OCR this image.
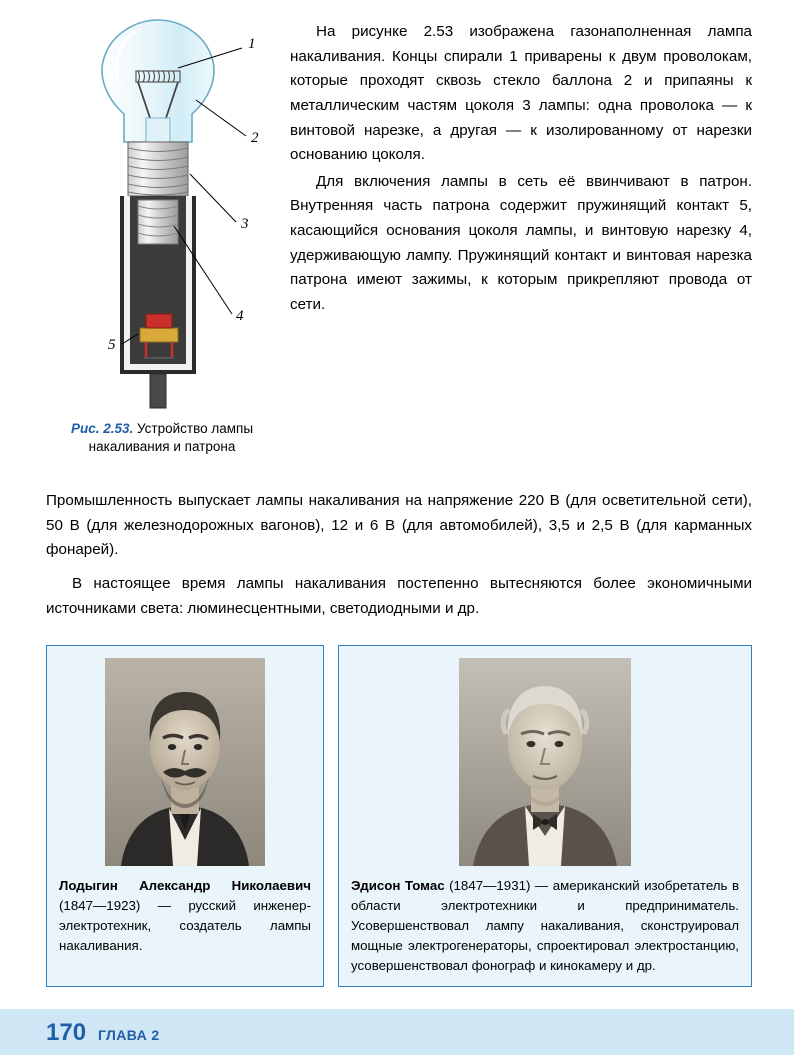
1
2
3
4
5
Рис. 2.53. Устройство лампы накаливания и патрона

На рисунке 2.53 изображена газонаполненная лампа накаливания. Концы спирали 1 приварены к двум проволокам, которые проходят сквозь стекло баллона 2 и припаяны к металлическим частям цоколя 3 лампы: одна проволока — к винтовой нарезке, а другая — к изолированному от нарезки основанию цоколя.

Для включения лампы в сеть её ввинчивают в патрон. Внутренняя часть патрона содержит пружинящий контакт 5, касающийся основания цоколя лампы, и винтовую нарезку 4, удерживающую лампу. Пружинящий контакт и винтовая нарезка патрона имеют зажимы, к которым прикрепляют провода от сети.

Промышленность выпускает лампы накаливания на напряжение 220 В (для осветительной сети), 50 В (для железнодорожных вагонов), 12 и 6 В (для автомобилей), 3,5 и 2,5 В (для карманных фонарей).

В настоящее время лампы накаливания постепенно вытесняются более экономичными источниками света: люминесцентными, светодиодными и др.

Лодыгин Александр Николаевич (1847—1923) — русский инженер-электротехник, создатель лампы накаливания.
Эдисон Томас (1847—1931) — американский изобретатель в области электротехники и предприниматель. Усовершенствовал лампу накаливания, сконструировал мощные электрогенераторы, спроектировал электростанцию, усовершенствовал фонограф и кинокамеру и др.
170 ГЛАВА 2
